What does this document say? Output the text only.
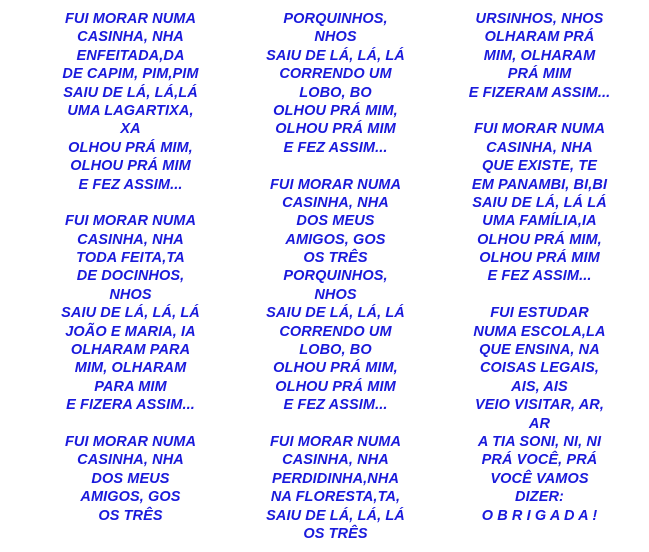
FUI MORAR NUMA
CASINHA, NHA
ENFEITADA,DA
DE CAPIM, PIM,PIM
SAIU DE LÁ, LÁ,LÁ
UMA LAGARTIXA,
XA
OLHOU PRÁ MIM,
OLHOU PRÁ MIM
E FEZ ASSIM...
FUI MORAR NUMA
CASINHA, NHA
TODA FEITA,TA
DE DOCINHOS,
NHOS
SAIU DE LÁ, LÁ, LÁ
JOÃO E MARIA, IA
OLHARAM PARA
MIM, OLHARAM
PARA MIM
E FIZERA ASSIM...
FUI MORAR NUMA
CASINHA, NHA
DOS MEUS
AMIGOS, GOS
OS TRÊS
PORQUINHOS,
NHOS
SAIU DE LÁ, LÁ, LÁ
CORRENDO UM
LOBO, BO
OLHOU PRÁ MIM,
OLHOU PRÁ MIM
E FEZ ASSIM...
FUI MORAR NUMA
CASINHA, NHA
DOS MEUS
AMIGOS, GOS
OS TRÊS
PORQUINHOS,
NHOS
SAIU DE LÁ, LÁ, LÁ
CORRENDO UM
LOBO, BO
OLHOU PRÁ MIM,
OLHOU PRÁ MIM
E FEZ ASSIM...
FUI MORAR NUMA
CASINHA, NHA
PERDIDINHA,NHA
NA FLORESTA,TA,
SAIU DE LÁ, LÁ, LÁ
OS TRÊS
URSINHOS, NHOS
OLHARAM PRÁ
MIM, OLHARAM
PRÁ MIM
E FIZERAM ASSIM...
FUI MORAR NUMA
CASINHA, NHA
QUE EXISTE, TE
EM PANAMBI, BI,BI
SAIU DE LÁ, LÁ LÁ
UMA FAMÍLIA,IA
OLHOU PRÁ MIM,
OLHOU PRÁ MIM
E FEZ ASSIM...
FUI ESTUDAR
NUMA ESCOLA,LA
QUE ENSINA, NA
COISAS LEGAIS,
AIS, AIS
VEIO VISITAR, AR,
AR
A TIA SONI, NI, NI
PRÁ VOCÊ, PRÁ
VOCÊ VAMOS
DIZER:
O B R I G A D A !
